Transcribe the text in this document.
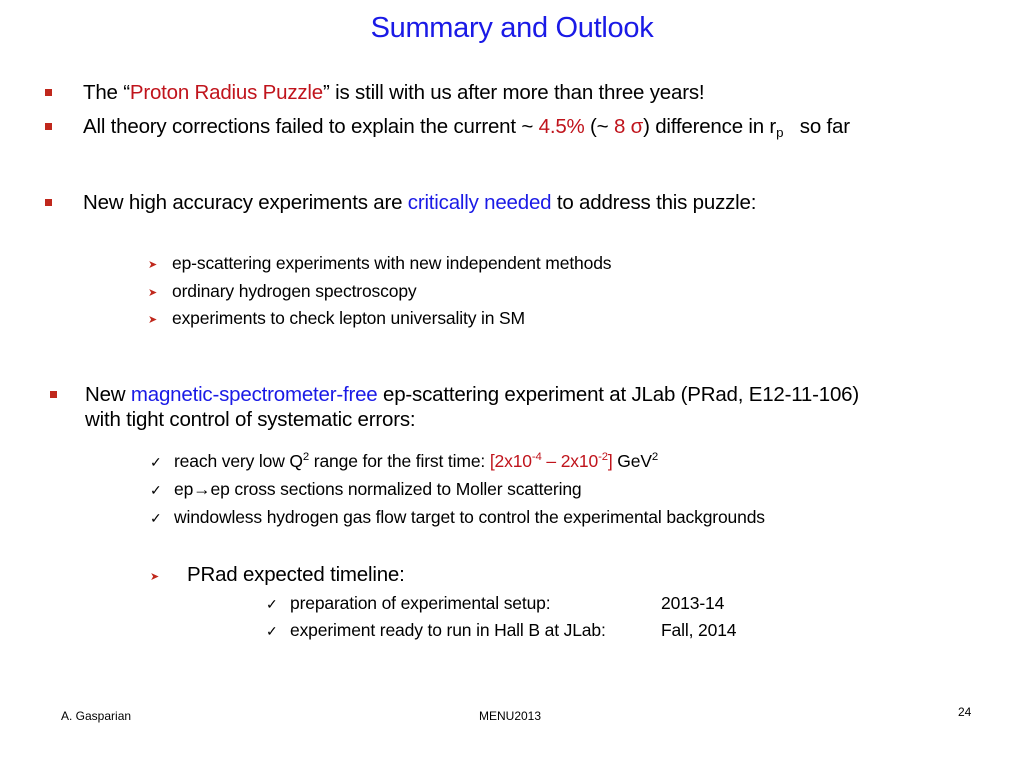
Summary and Outlook
The “Proton Radius Puzzle” is still with us after more than three years!
All theory corrections failed to explain the current ~ 4.5% (~ 8 σ) difference in $r_p$ so far
New high accuracy experiments are critically needed to address this puzzle:
➤ ep-scattering experiments with new independent methods
➤ ordinary hydrogen spectroscopy
➤ experiments to check lepton universality in SM
New magnetic-spectrometer-free ep-scattering experiment at JLab (PRad, E12-11-106)
with tight control of systematic errors:
✓ reach very low $Q^2$ range for the first time: $[2x10^{-4} - 2x10^{-2}]$ GeV$^2$
✓ ep→ep cross sections normalized to Moller scattering
✓ windowless hydrogen gas flow target to control the experimental backgrounds
➤ PRad expected timeline:
✓ preparation of experimental setup:	2013-14
✓ experiment ready to run in Hall B at JLab:	Fall, 2014
A. Gasparian	MENU2013	24
